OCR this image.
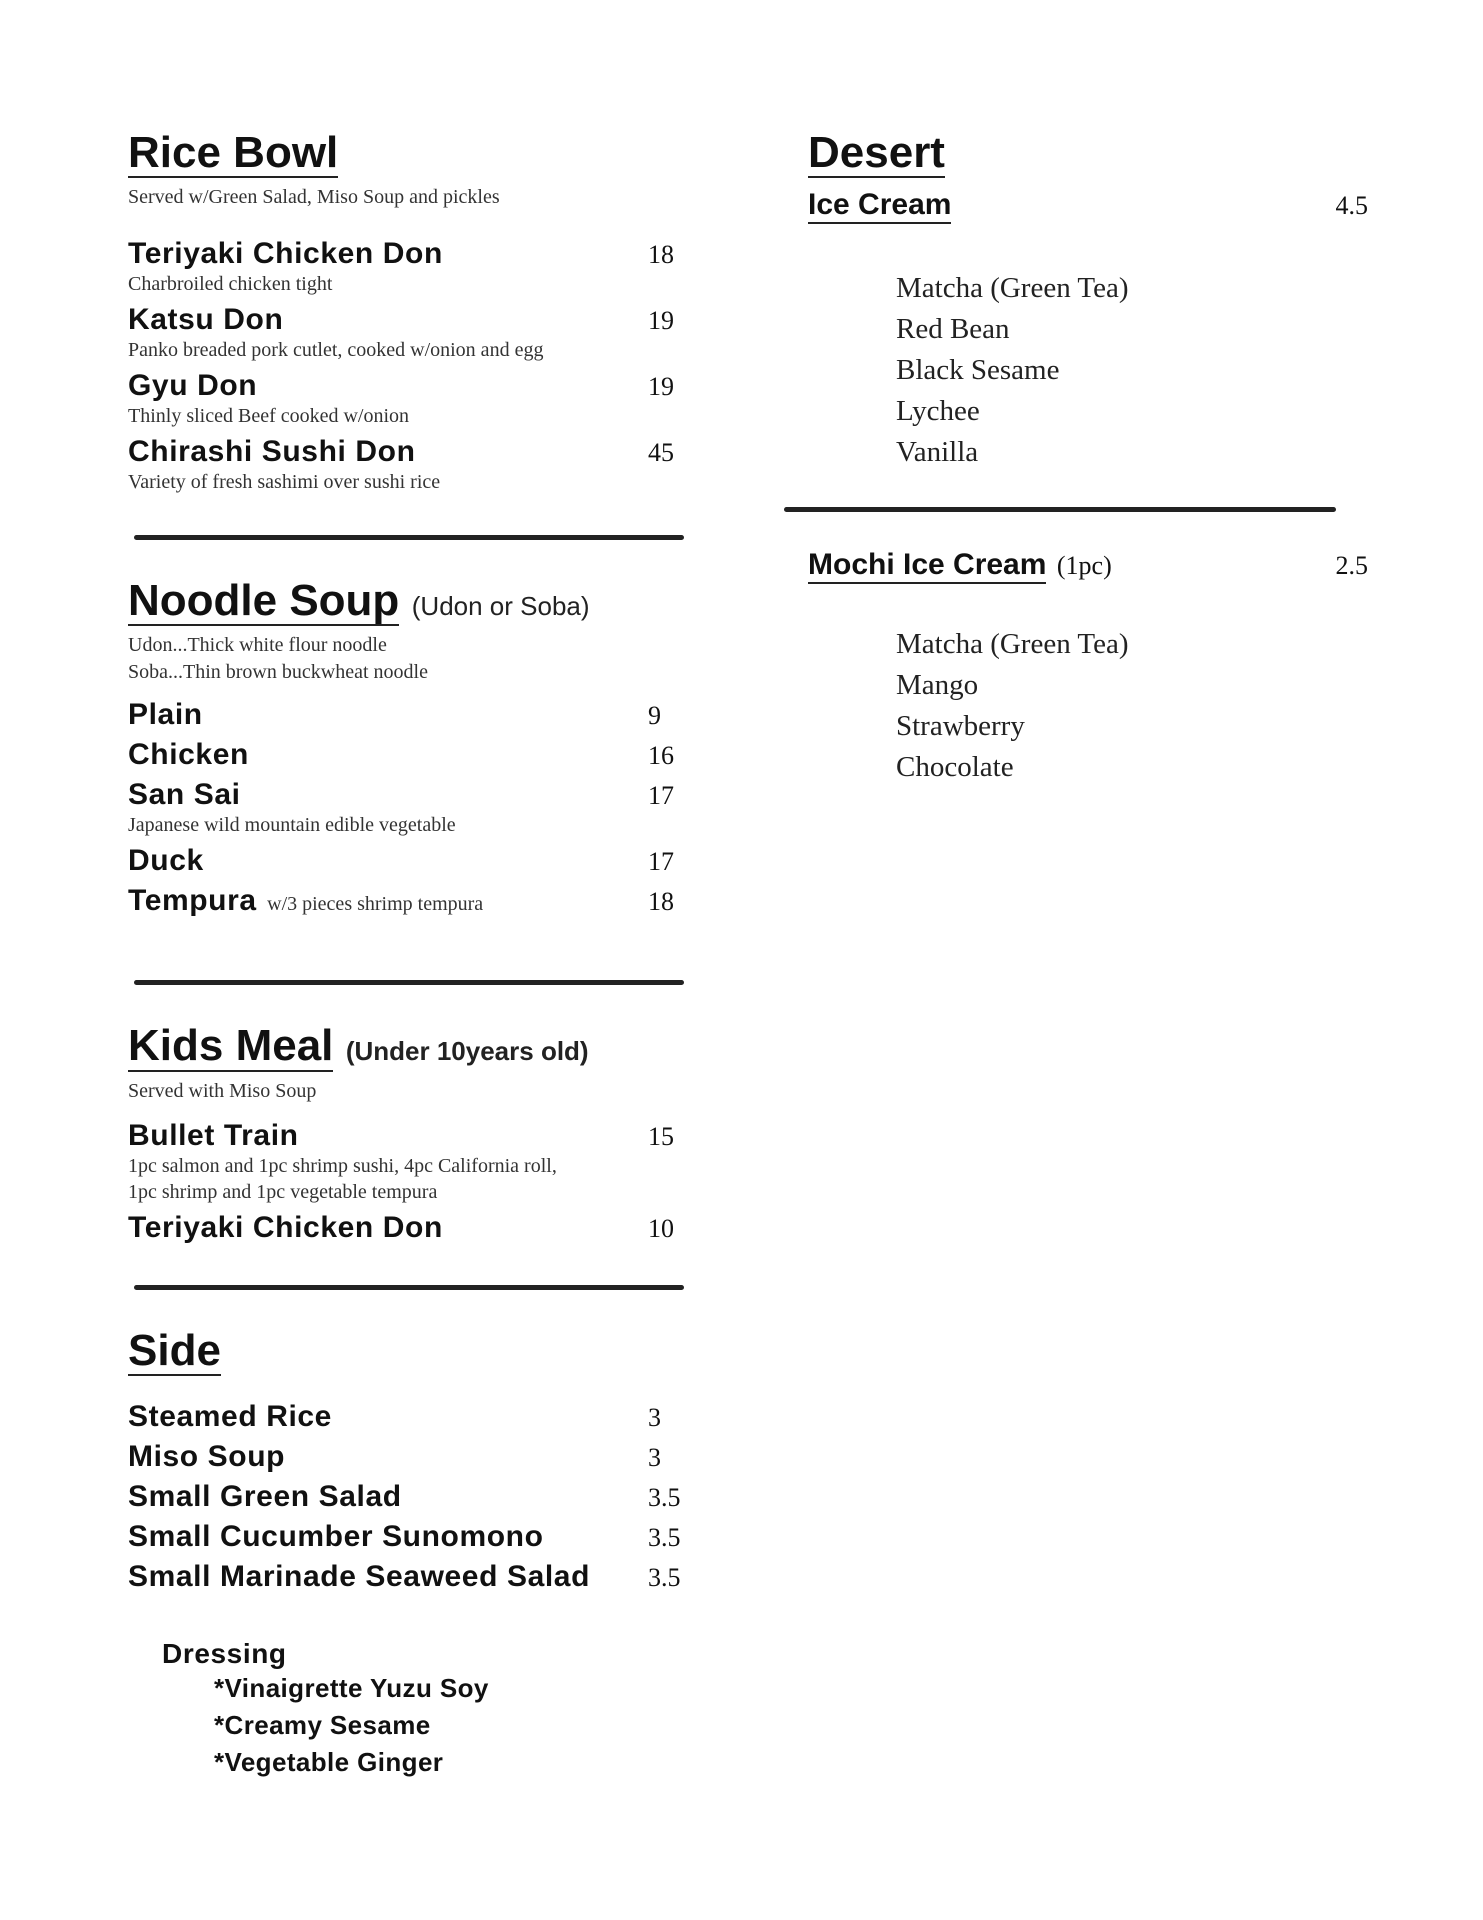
Rice Bowl
Served w/Green Salad, Miso Soup and pickles
Teriyaki Chicken Don	18
Charbroiled chicken tight
Katsu Don	19
Panko breaded pork cutlet, cooked w/onion and egg
Gyu Don	19
Thinly sliced Beef cooked w/onion
Chirashi Sushi Don	45
Variety of fresh sashimi over sushi rice
Noodle Soup (Udon or Soba)
Udon...Thick white flour noodle
Soba...Thin brown buckwheat noodle
Plain	9
Chicken	16
San Sai	17
Japanese wild mountain edible vegetable
Duck	17
Tempura w/3 pieces shrimp tempura	18
Kids Meal (Under 10years old)
Served with Miso Soup
Bullet Train	15
1pc salmon and 1pc shrimp sushi, 4pc California roll,
1pc shrimp and 1pc vegetable tempura
Teriyaki Chicken Don	10
Side
Steamed Rice	3
Miso Soup	3
Small Green Salad	3.5
Small Cucumber Sunomono	3.5
Small Marinade Seaweed Salad 3.5
Dressing
*Vinaigrette Yuzu Soy
*Creamy Sesame
*Vegetable Ginger
Desert
Ice Cream	4.5
Matcha (Green Tea)
Red Bean
Black Sesame
Lychee
Vanilla
Mochi Ice Cream (1pc)	2.5
Matcha (Green Tea)
Mango
Strawberry
Chocolate
